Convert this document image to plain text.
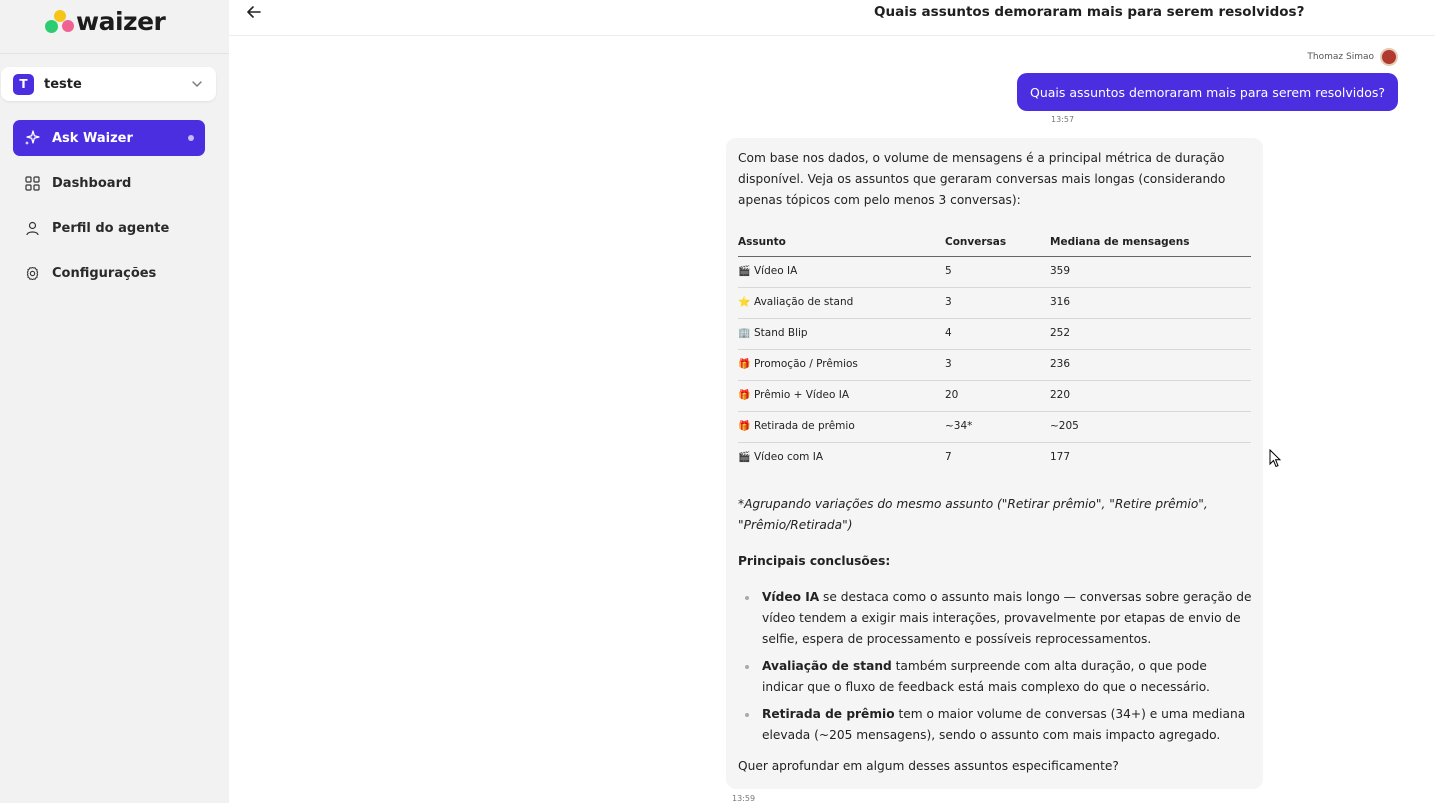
waizer
T	teste
Ask Waizer
Dashboard
Perfil do agente
Configurações
Quais assuntos demoraram mais para serem resolvidos?
Thomaz Simao
Quais assuntos demoraram mais para serem resolvidos?
13:57

Com base nos dados, o volume de mensagens é a principal métrica de duração disponível. Veja os assuntos que geraram conversas mais longas (considerando apenas tópicos com pelo menos 3 conversas):

Assunto	Conversas	Mediana de mensagens
🎬 Vídeo IA	5	359
⭐ Avaliação de stand	3	316
🏢 Stand Blip	4	252
🎁 Promoção / Prêmios	3	236
🎁 Prêmio + Vídeo IA	20	220
🎁 Retirada de prêmio	~34*	~205
🎬 Vídeo com IA	7	177

*Agrupando variações do mesmo assunto ("Retirar prêmio", "Retire prêmio", "Prêmio/Retirada")

Principais conclusões:

Vídeo IA se destaca como o assunto mais longo — conversas sobre geração de vídeo tendem a exigir mais interações, provavelmente por etapas de envio de selfie, espera de processamento e possíveis reprocessamentos.
Avaliação de stand também surpreende com alta duração, o que pode indicar que o fluxo de feedback está mais complexo do que o necessário.
Retirada de prêmio tem o maior volume de conversas (34+) e uma mediana elevada (~205 mensagens), sendo o assunto com mais impacto agregado.

Quer aprofundar em algum desses assuntos especificamente?

13:59
